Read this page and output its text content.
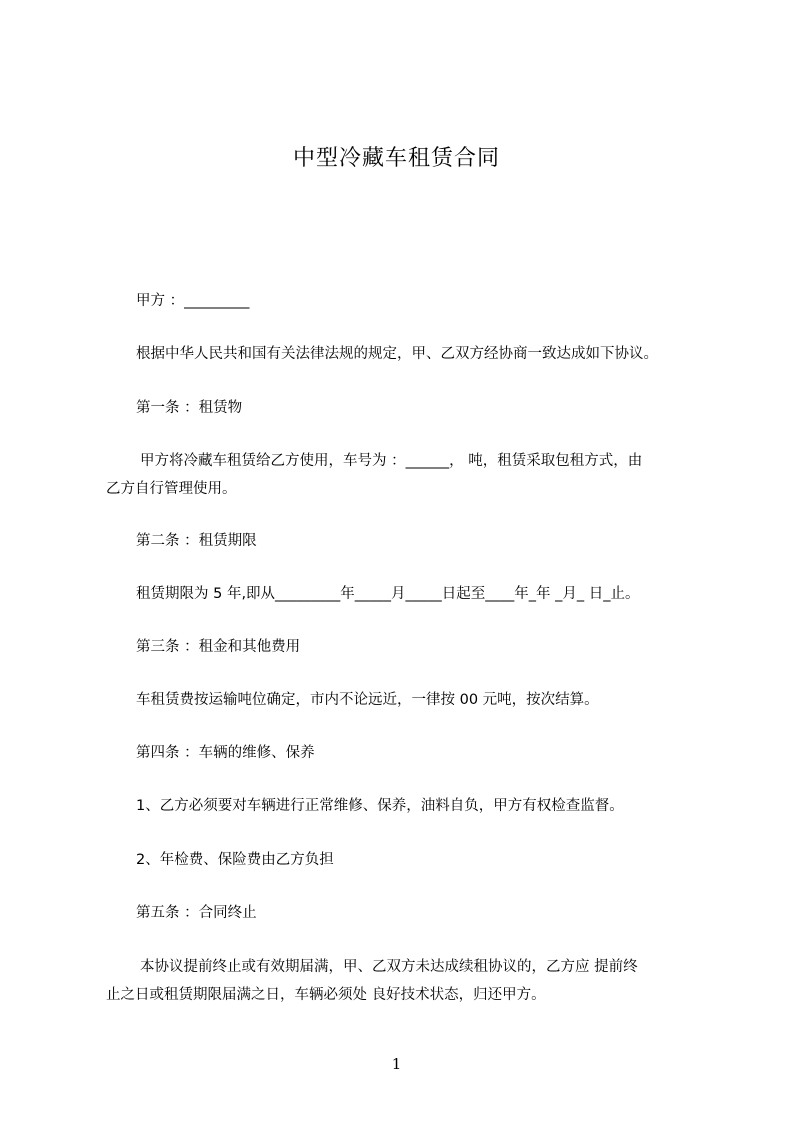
中型冷藏车租赁合同
甲方 ：_________
根据中华人民共和国有关法律法规的规定，甲、乙双方经协商一致达成如下协议。
第一条 ：租赁物
甲方将冷藏车租赁给乙方使用，车号为 ：______， 吨，租赁采取包租方式，由
乙方自行管理使用。
第二条 ：租赁期限
租赁期限为 5 年,即从_________年_____月_____日起至____年_年 _月_ 日_止。
第三条 ：租金和其他费用
车租赁费按运输吨位确定，市内不论远近，一律按 00 元吨，按次结算。
第四条 ：车辆的维修、保养
1、乙方必须要对车辆进行正常维修、保养，油料自负，甲方有权检查监督。
2、年检费、保险费由乙方负担
第五条 ：合同终止
本协议提前终止或有效期届满，甲、乙双方未达成续租协议的，乙方应 提前终
止之日或租赁期限届满之日，车辆必须处 良好技术状态，归还甲方。
1
